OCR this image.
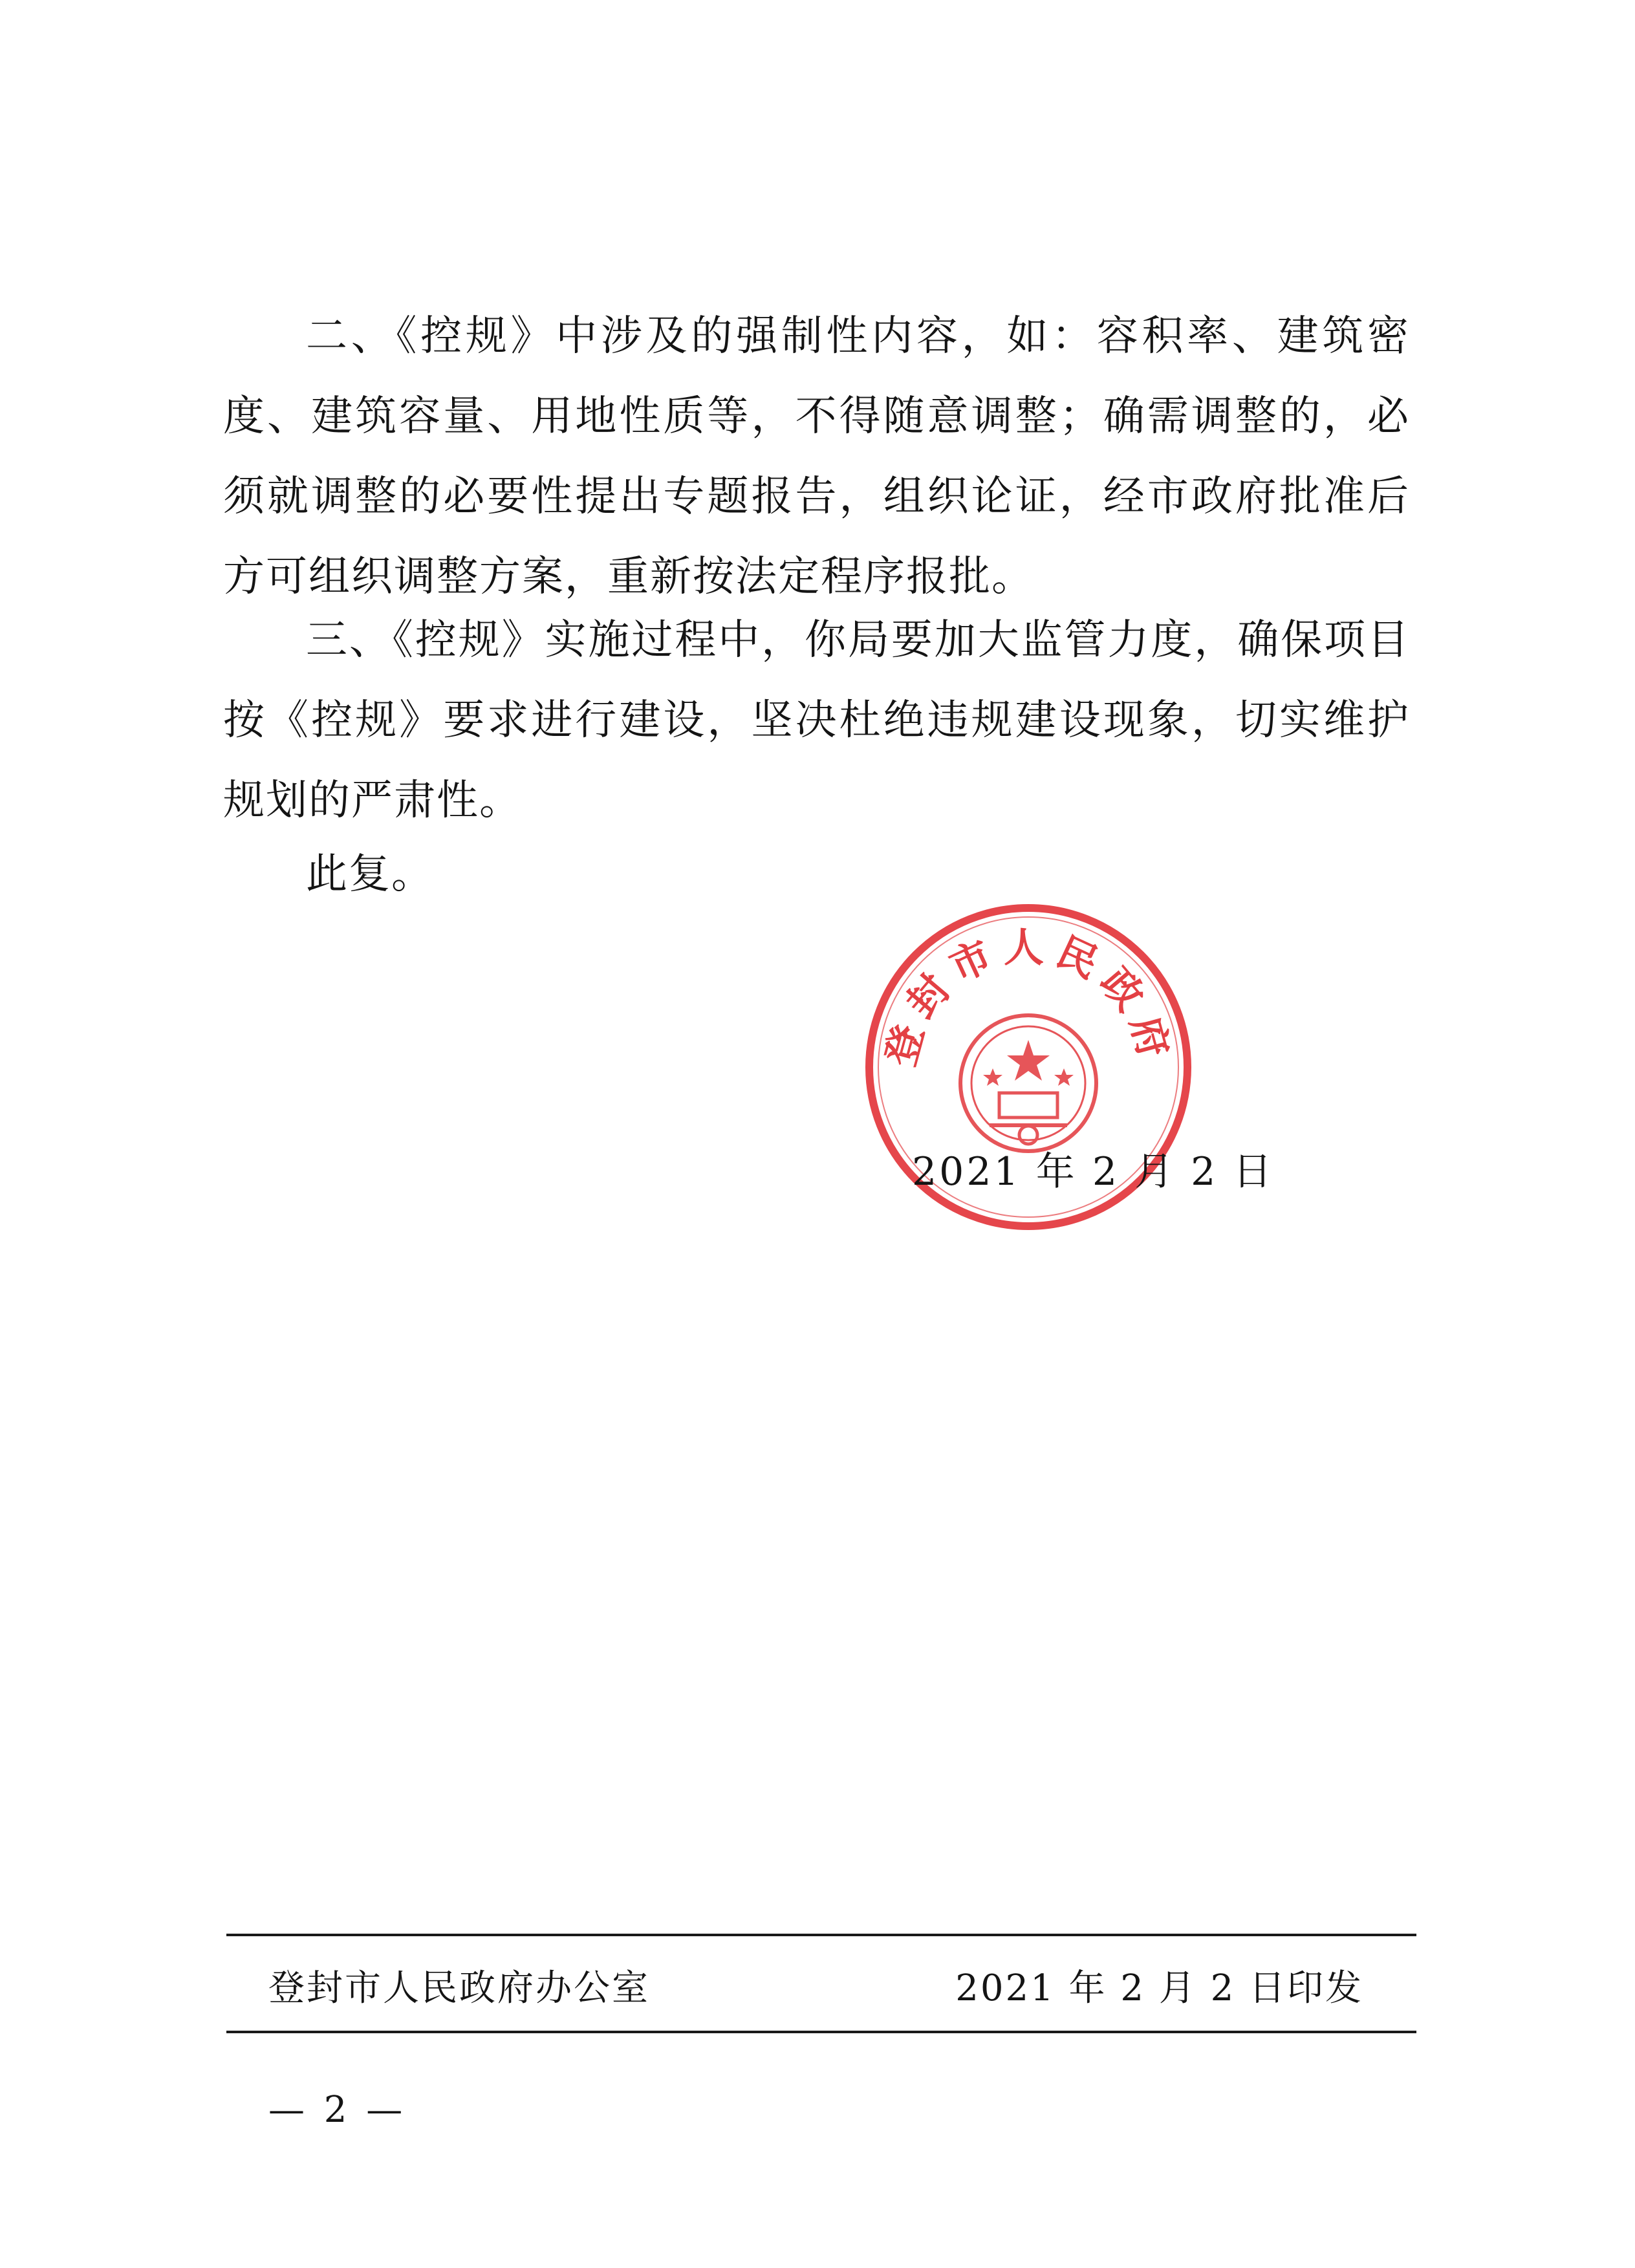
二、《控规》中涉及的强制性内容，如：容积率、建筑密度、建筑容量、用地性质等，不得随意调整；确需调整的，必须就调整的必要性提出专题报告，组织论证，经市政府批准后方可组织调整方案，重新按法定程序报批。

三、《控规》实施过程中，你局要加大监管力度，确保项目按《控规》要求进行建设，坚决杜绝违规建设现象，切实维护规划的严肃性。

此复。

登封市人民政府
2021 年 2 月 2 日
登封市人民政府办公室	2021 年 2 月 2 日印发
— 2 —
